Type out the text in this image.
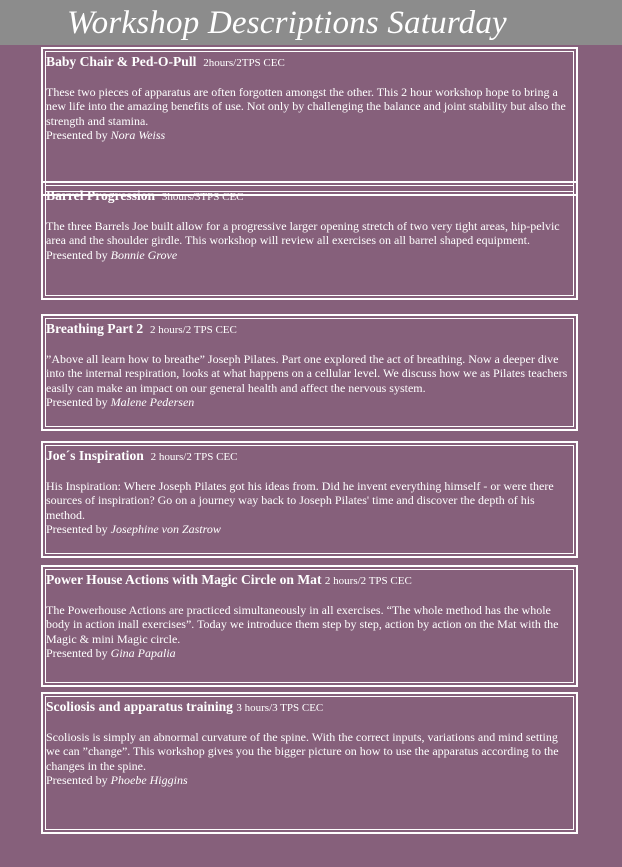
Workshop Descriptions Saturday
Baby Chair & Ped-O-Pull 2hours/2TPS CEC
These two pieces of apparatus are often forgotten amongst the other. This 2 hour workshop hope to bring a new life into the amazing benefits of use. Not only by challenging the balance and joint stability but also the strength and stamina.
Presented by Nora Weiss
Barrel Progression 3hours/3TPS CEC
The three Barrels Joe built allow for a progressive larger opening stretch of two very tight areas, hip-pelvic area and the shoulder girdle. This workshop will review all exercises on all barrel shaped equipment.
Presented by Bonnie Grove
Breathing Part 2 2 hours/2 TPS CEC
”Above all learn how to breathe” Joseph Pilates. Part one explored the act of breathing. Now a deeper dive into the internal respiration, looks at what happens on a cellular level. We discuss how we as Pilates teachers easily can make an impact on our general health and affect the nervous system.
Presented by Malene Pedersen
Joe´s Inspiration 2 hours/2 TPS CEC
His Inspiration: Where Joseph Pilates got his ideas from. Did he invent everything himself - or were there sources of inspiration? Go on a journey way back to Joseph Pilates' time and discover the depth of his method.
Presented by Josephine von Zastrow
Power House Actions with Magic Circle on Mat 2 hours/2 TPS CEC
The Powerhouse Actions are practiced simultaneously in all exercises. “The whole method has the whole body in action inall exercises”. Today we introduce them step by step, action by action on the Mat with the Magic & mini Magic circle.
Presented by Gina Papalia
Scoliosis and apparatus training 3 hours/3 TPS CEC
Scoliosis is simply an abnormal curvature of the spine. With the correct inputs, variations and mind setting we can ”change”. This workshop gives you the bigger picture on how to use the apparatus according to the changes in the spine.
Presented by Phoebe Higgins
